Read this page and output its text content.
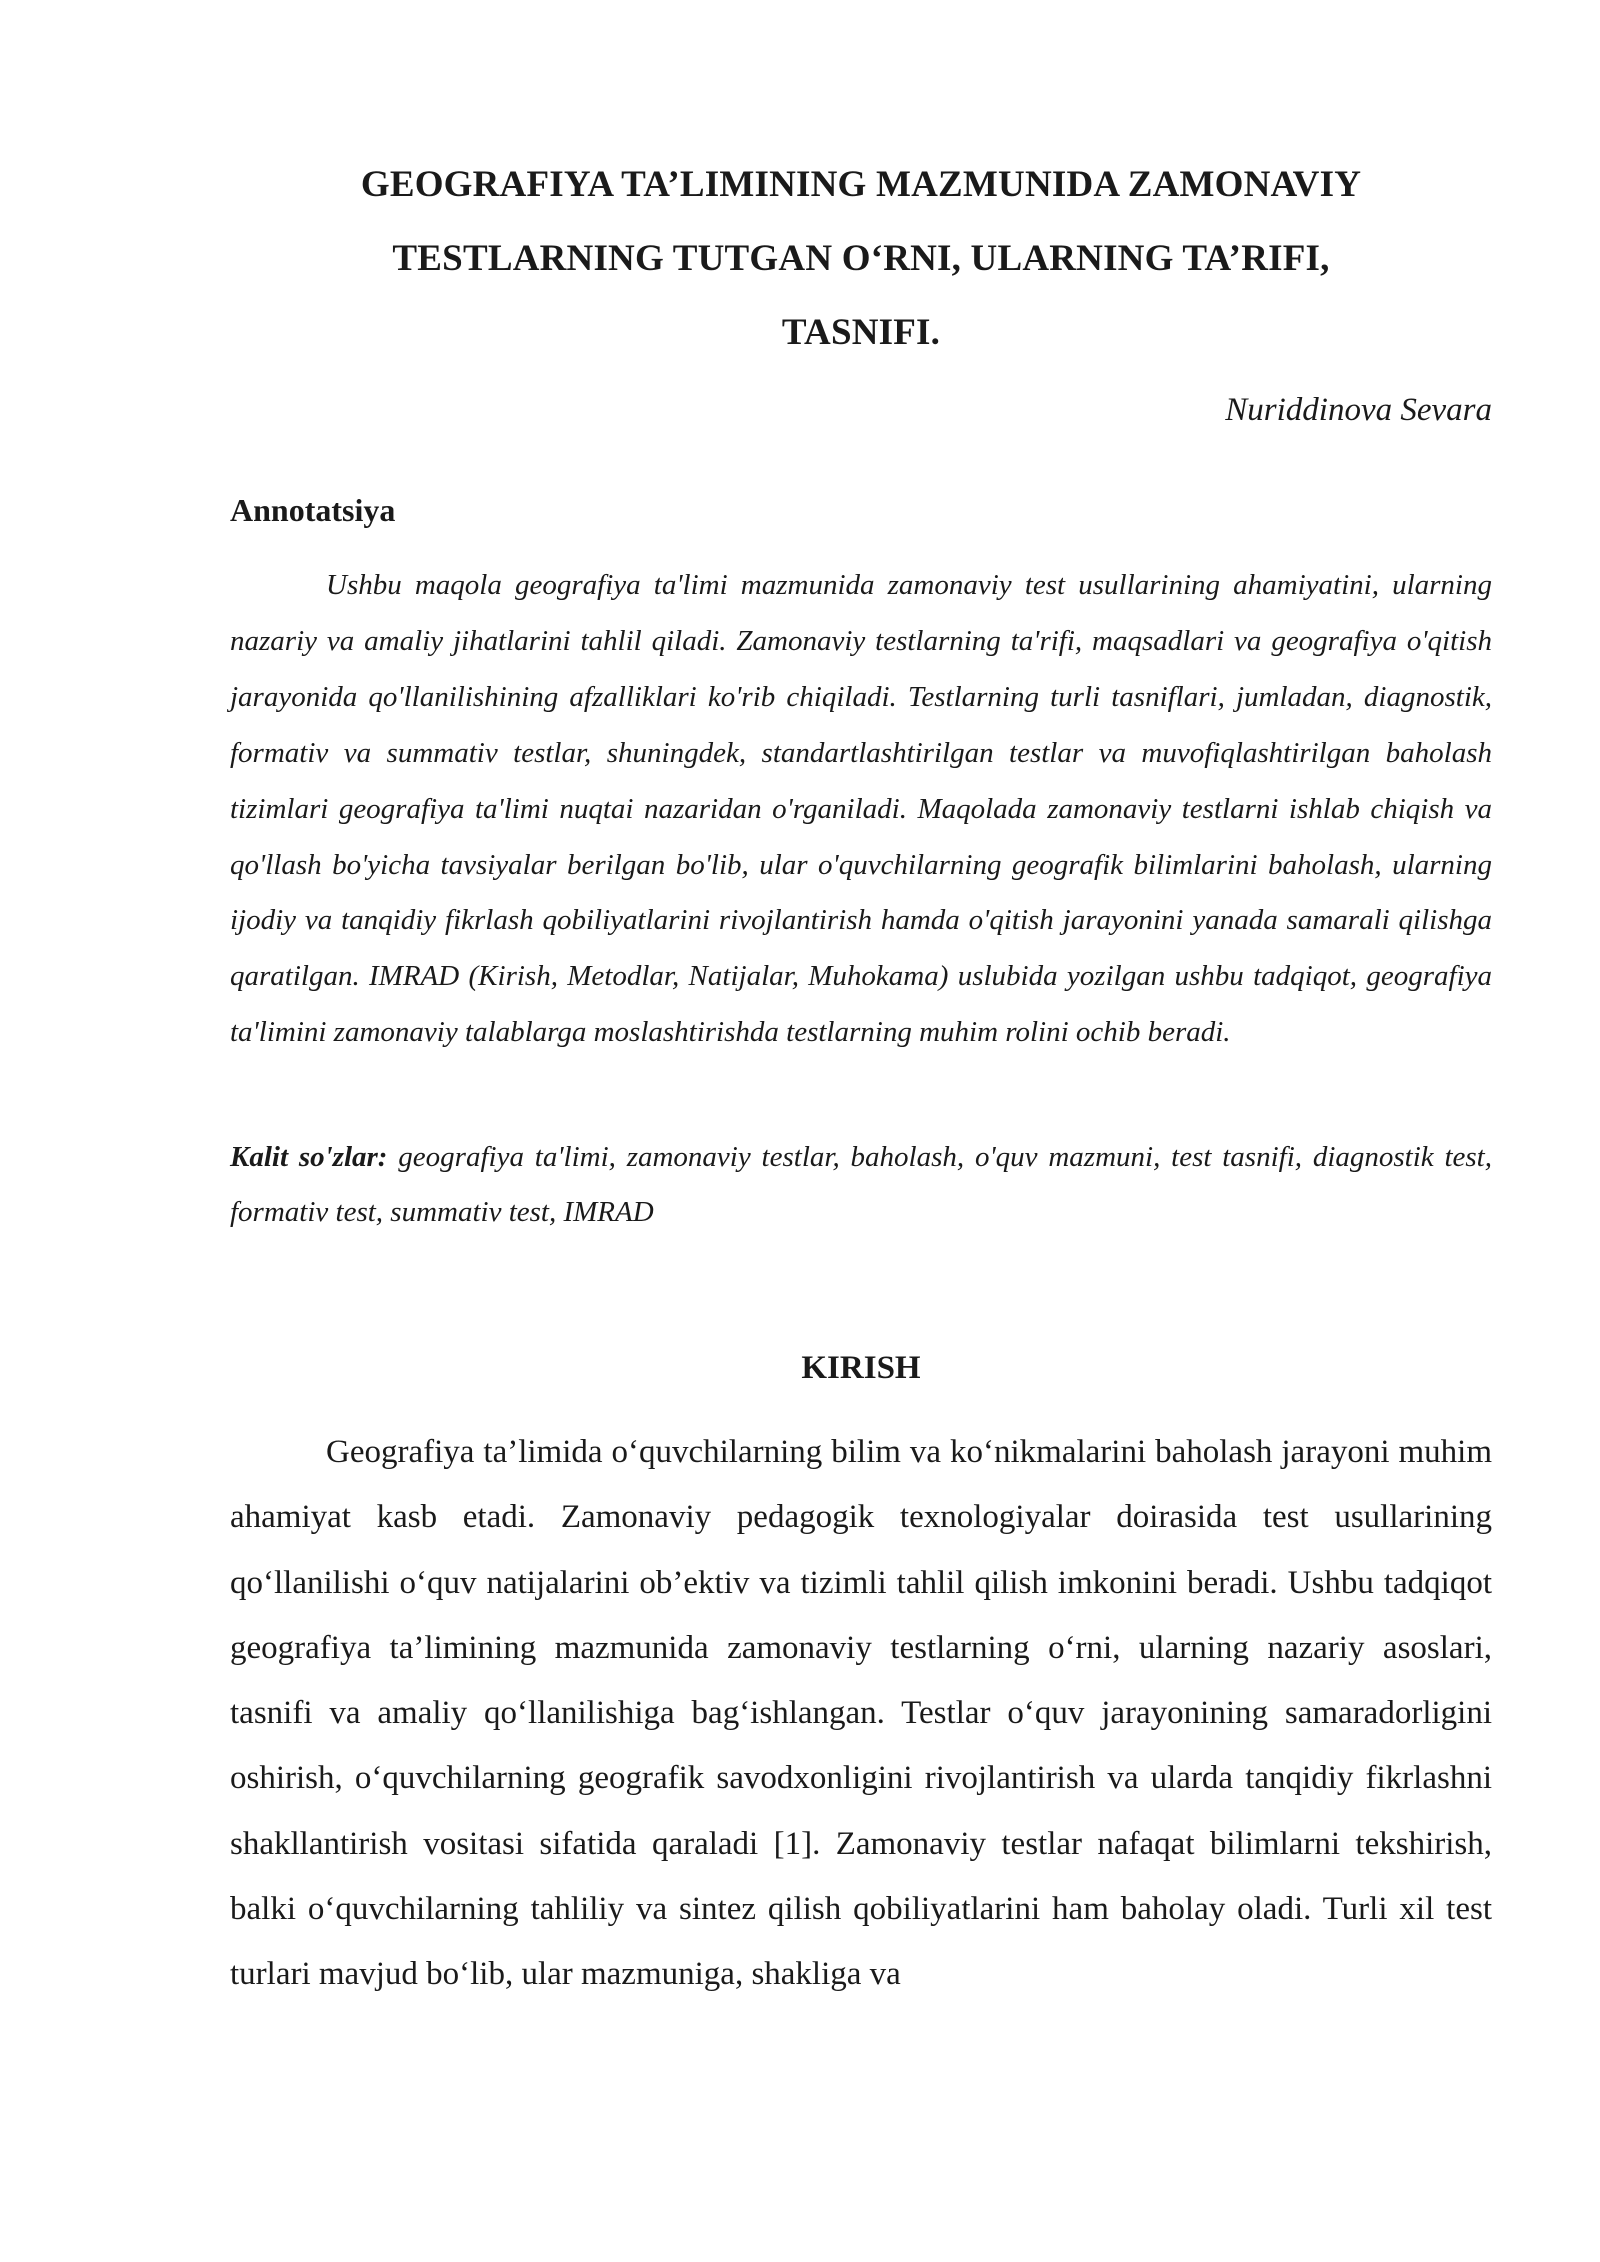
GEOGRAFIYA TA’LIMINING MAZMUNIDA ZAMONAVIY
TESTLARNING TUTGAN O‘RNI, ULARNING TA’RIFI,
TASNIFI.
Nuriddinova Sevara
Annotatsiya

Ushbu maqola geografiya ta'limi mazmunida zamonaviy test usullarining ahamiyatini, ularning nazariy va amaliy jihatlarini tahlil qiladi. Zamonaviy testlarning ta'rifi, maqsadlari va geografiya o'qitish jarayonida qo'llanilishining afzalliklari ko'rib chiqiladi. Testlarning turli tasniflari, jumladan, diagnostik, formativ va summativ testlar, shuningdek, standartlashtirilgan testlar va muvofiqlashtirilgan baholash tizimlari geografiya ta'limi nuqtai nazaridan o'rganiladi. Maqolada zamonaviy testlarni ishlab chiqish va qo'llash bo'yicha tavsiyalar berilgan bo'lib, ular o'quvchilarning geografik bilimlarini baholash, ularning ijodiy va tanqidiy fikrlash qobiliyatlarini rivojlantirish hamda o'qitish jarayonini yanada samarali qilishga qaratilgan. IMRAD (Kirish, Metodlar, Natijalar, Muhokama) uslubida yozilgan ushbu tadqiqot, geografiya ta'limini zamonaviy talablarga moslashtirishda testlarning muhim rolini ochib beradi.

Kalit so'zlar: geografiya ta'limi, zamonaviy testlar, baholash, o'quv mazmuni, test tasnifi, diagnostik test, formativ test, summativ test, IMRAD

KIRISH

Geografiya ta’limida o‘quvchilarning bilim va ko‘nikmalarini baholash jarayoni muhim ahamiyat kasb etadi. Zamonaviy pedagogik texnologiyalar doirasida test usullarining qo‘llanilishi o‘quv natijalarini ob’ektiv va tizimli tahlil qilish imkonini beradi. Ushbu tadqiqot geografiya ta’limining mazmunida zamonaviy testlarning o‘rni, ularning nazariy asoslari, tasnifi va amaliy qo‘llanilishiga bag‘ishlangan. Testlar o‘quv jarayonining samaradorligini oshirish, o‘quvchilarning geografik savodxonligini rivojlantirish va ularda tanqidiy fikrlashni shakllantirish vositasi sifatida qaraladi [1]. Zamonaviy testlar nafaqat bilimlarni tekshirish, balki o‘quvchilarning tahliliy va sintez qilish qobiliyatlarini ham baholay oladi. Turli xil test turlari mavjud bo‘lib, ular mazmuniga, shakliga va
